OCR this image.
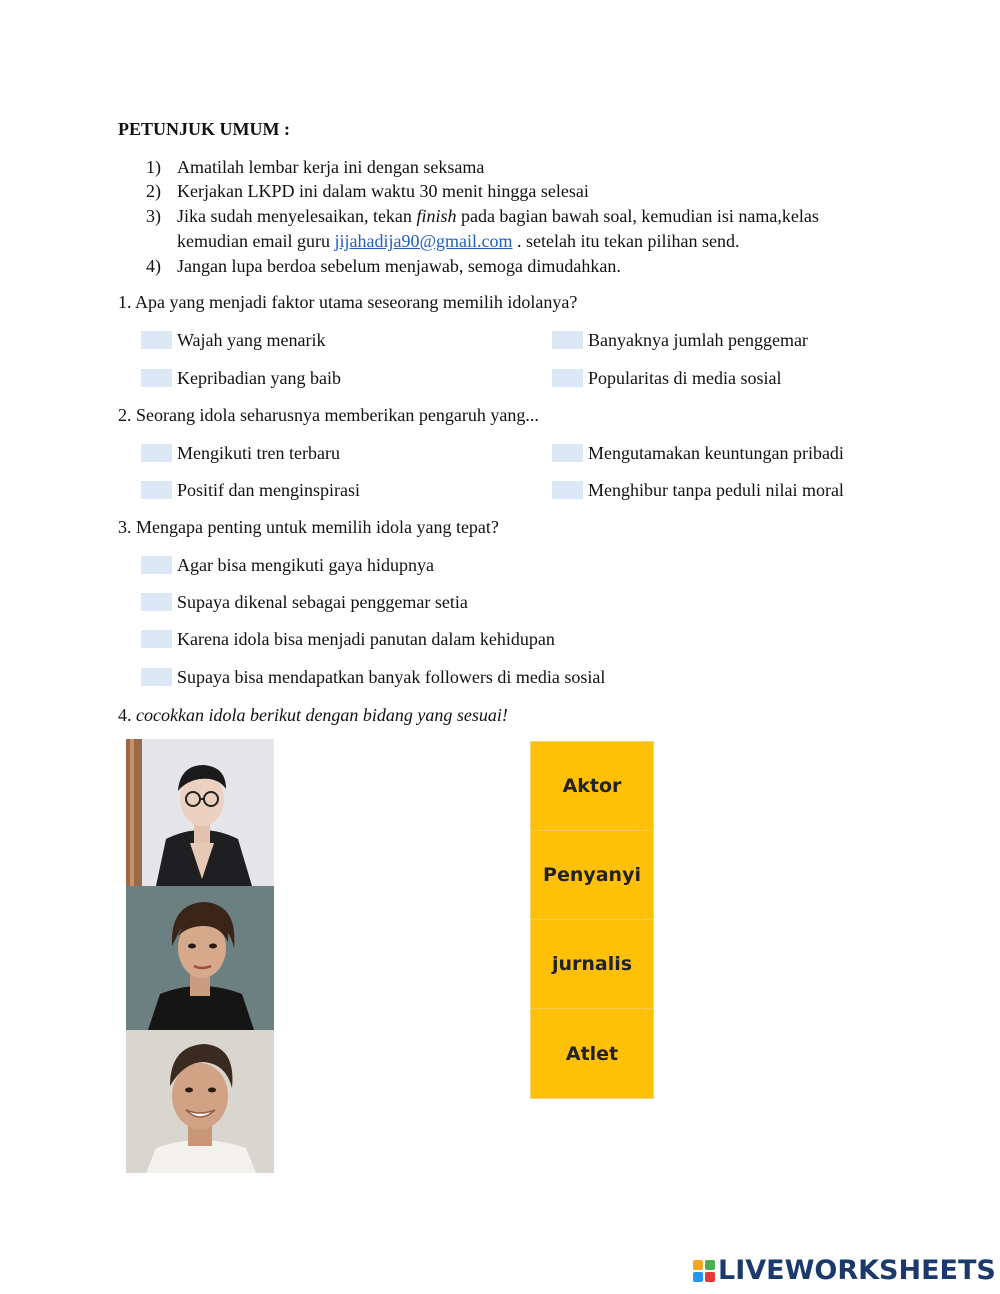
PETUNJUK UMUM :
1) Amatilah lembar kerja ini dengan seksama
2) Kerjakan LKPD ini dalam waktu 30 menit hingga selesai
3) Jika sudah menyelesaikan, tekan finish pada bagian bawah soal, kemudian isi nama,kelas
kemudian email guru jijahadija90@gmail.com . setelah itu tekan pilihan send.
4) Jangan lupa berdoa sebelum menjawab, semoga dimudahkan.
1. Apa yang menjadi faktor utama seseorang memilih idolanya?
Wajah yang menarik	Banyaknya jumlah penggemar
Kepribadian yang baib	Popularitas di media sosial
2. Seorang idola seharusnya memberikan pengaruh yang...
Mengikuti tren terbaru	Mengutamakan keuntungan pribadi
Positif dan menginspirasi	Menghibur tanpa peduli nilai moral
3. Mengapa penting untuk memilih idola yang tepat?
Agar bisa mengikuti gaya hidupnya
Supaya dikenal sebagai penggemar setia
Karena idola bisa menjadi panutan dalam kehidupan
Supaya bisa mendapatkan banyak followers di media sosial
4. cocokkan idola berikut dengan bidang yang sesuai!
Aktor
Penyanyi
jurnalis
Atlet
LIVEWORKSHEETS
